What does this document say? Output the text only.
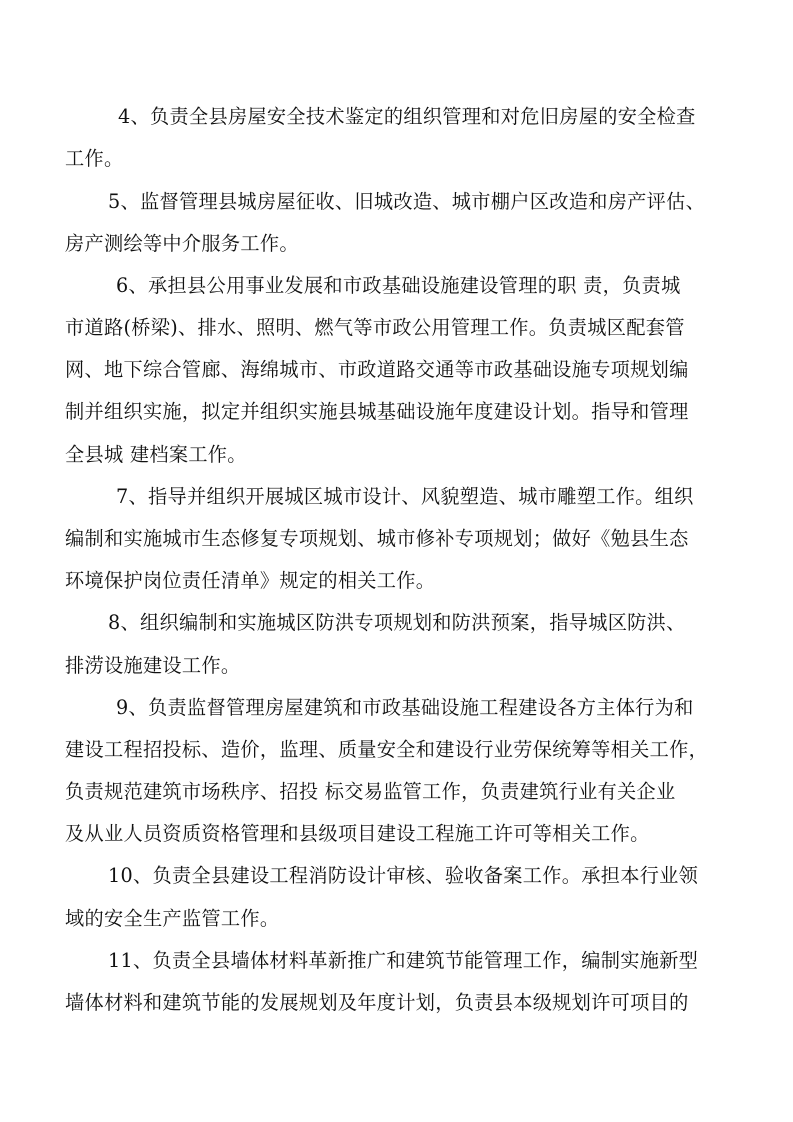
4、负责全县房屋安全技术鉴定的组织管理和对危旧房屋的安全检查
工作。
5、监督管理县城房屋征收、旧城改造、城市棚户区改造和房产评估、
房产测绘等中介服务工作。
6、承担县公用事业发展和市政基础设施建设管理的职 责，负责城
市道路(桥梁)、排水、照明、燃气等市政公用管理工作。负责城区配套管
网、地下综合管廊、海绵城市、市政道路交通等市政基础设施专项规划编
制并组织实施，拟定并组织实施县城基础设施年度建设计划。指导和管理
全县城 建档案工作。
7、指导并组织开展城区城市设计、风貌塑造、城市雕塑工作。组织
编制和实施城市生态修复专项规划、城市修补专项规划；做好《勉县生态
环境保护岗位责任清单》规定的相关工作。
8、组织编制和实施城区防洪专项规划和防洪预案，指导城区防洪、
排涝设施建设工作。
9、负责监督管理房屋建筑和市政基础设施工程建设各方主体行为和
建设工程招投标、造价，监理、质量安全和建设行业劳保统筹等相关工作，
负责规范建筑市场秩序、招投 标交易监管工作，负责建筑行业有关企业
及从业人员资质资格管理和县级项目建设工程施工许可等相关工作。
10、负责全县建设工程消防设计审核、验收备案工作。承担本行业领
域的安全生产监管工作。
11、负责全县墙体材料革新推广和建筑节能管理工作，编制实施新型
墙体材料和建筑节能的发展规划及年度计划，负责县本级规划许可项目的
